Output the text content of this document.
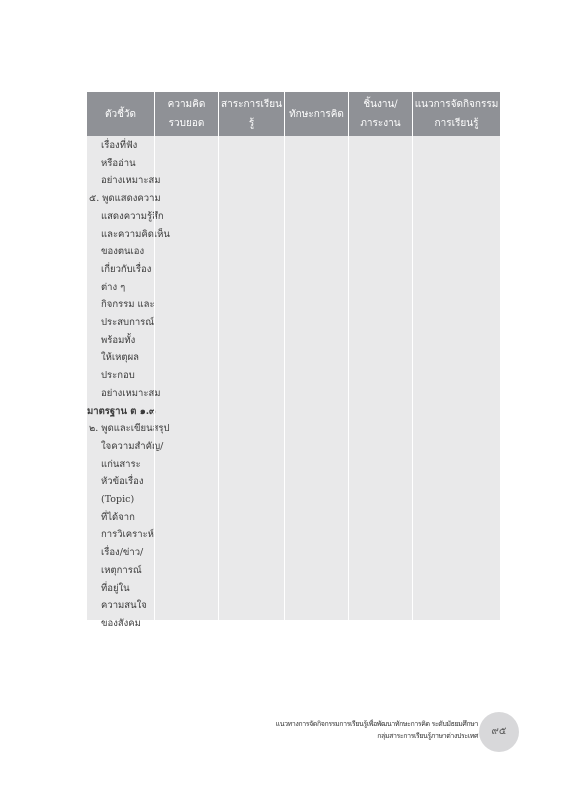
ตัวชี้วัด
ความคิด
รวบยอด
สาระการเรียนรู้
ทักษะการคิด
ชิ้นงาน/
ภาระงาน
แนวการจัดกิจกรรม
การเรียนรู้
เรื่องที่ฟัง
หรืออ่าน
อย่างเหมาะสม
๕. พูดแสดงความ
แสดงความรู้สึก
และความคิดเห็น
ของตนเอง
เกี่ยวกับเรื่อง
ต่าง ๆ
กิจกรรม และ
ประสบการณ์
พร้อมทั้ง
ให้เหตุผล
ประกอบ
อย่างเหมาะสม
มาตรฐาน ต ๑.๓
๒. พูดและเขียนสรุป
ใจความสำคัญ/
แก่นสาระ
หัวข้อเรื่อง
(Topic)
ที่ได้จาก
การวิเคราะห์
เรื่อง/ข่าว/
เหตุการณ์
ที่อยู่ใน
ความสนใจ
ของสังคม
แนวทางการจัดกิจกรรมการเรียนรู้เพื่อพัฒนาทักษะการคิด ระดับมัธยมศึกษา
กลุ่มสาระการเรียนรู้ภาษาต่างประเทศ	๙๕
